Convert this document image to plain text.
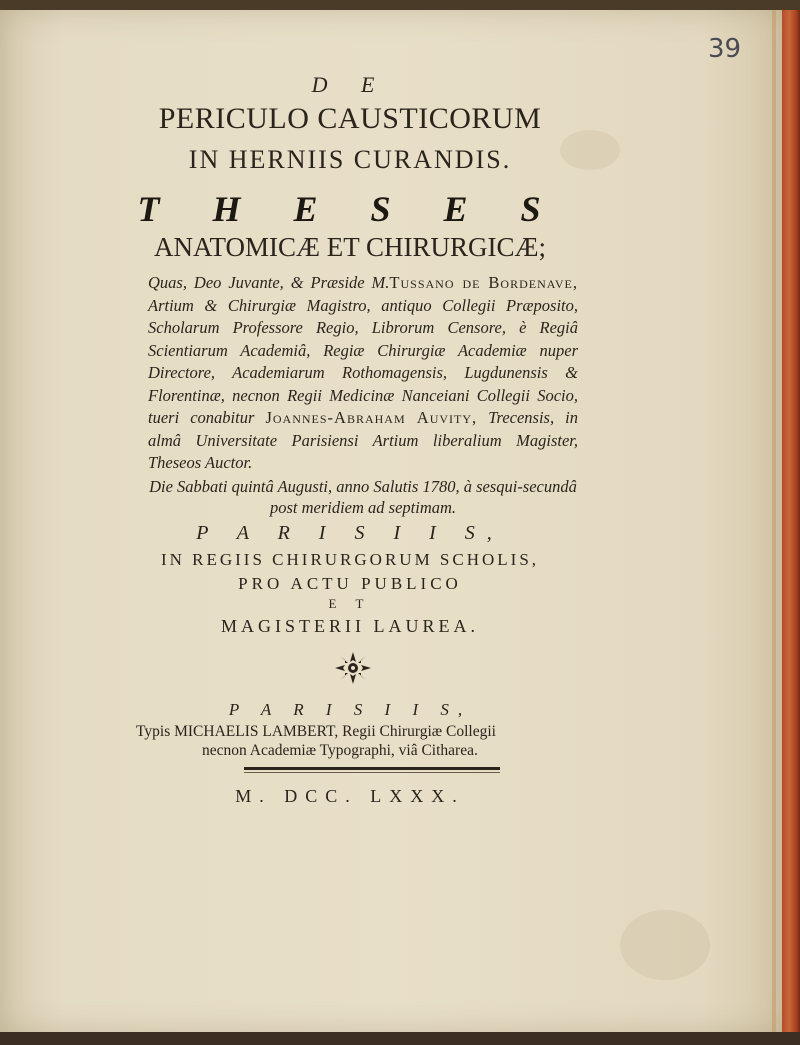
39
D E
PERICULO CAUSTICORUM
IN HERNIIS CURANDIS.
T H E S E S
ANATOMICÆ ET CHIRURGICÆ;

Quas, Deo Juvante, & Præside M.Tussano de Bordenave, Artium & Chirurgiæ Magistro, antiquo Collegii Præposito, Scholarum Professore Regio, Librorum Censore, è Regiâ Scientiarum Academiâ, Regiæ Chirurgiæ Academiæ nuper Directore, Academiarum Rothomagensis, Lugdunensis & Florentinæ, necnon Regii Medicinæ Nanceiani Collegii Socio, tueri conabitur Joannes-Abraham Auvity, Trecensis, in almâ Universitate Parisiensi Artium liberalium Magister, Theseos Auctor.

Die Sabbati quintâ Augusti, anno Salutis 1780, à sesqui-secundâ
post meridiem ad septimam.
P A R I S I I S,
IN REGIIS CHIRURGORUM SCHOLIS,
PRO ACTU PUBLICO
E T
MAGISTERII LAUREA.
P A R I S I I S,
Typis MICHAELIS LAMBERT, Regii Chirurgiæ Collegii
necnon Academiæ Typographi, viâ Citharea.
M. DCC. LXXX.
